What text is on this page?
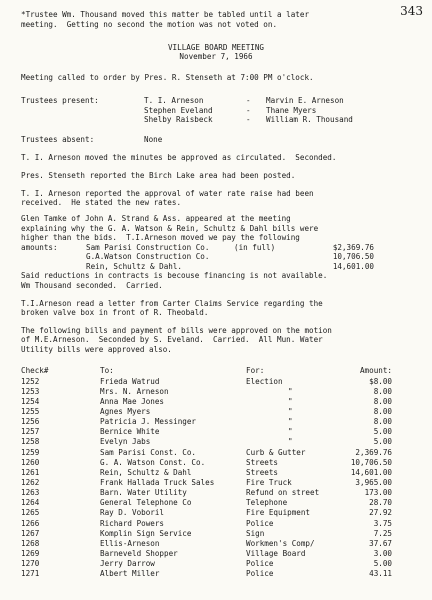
343
*Trustee Wm. Thousand moved this matter be tabled until a later
meeting.  Getting no second the motion was not voted on.
VILLAGE BOARD MEETING
November 7, 1966
Meeting called to order by Pres. R. Stenseth at 7:00 PM o'clock.
Trustees present:	T. I. Arneson	- Marvin E. Arneson
Stephen Eveland	- Thane Myers
Shelby Raisbeck	- William R. Thousand
Trustees absent:	None
T. I. Arneson moved the minutes be approved as circulated.  Seconded.
Pres. Stenseth reported the Birch Lake area had been posted.
T. I. Arneson reported the approval of water rate raise had been
received.  He stated the new rates.
Glen Tamke of John A. Strand & Ass. appeared at the meeting
explaining why the G. A. Watson & Rein, Schultz & Dahl bills were
higher than the bids.  T.I.Arneson moved we pay the following
amounts:	Sam Parisi Construction Co.	(in full)	$2,369.76
G.A.Watson Construction Co.	10,706.50
Rein, Schultz & Dahl.	14,601.00
Said reductions in contracts is becouse financing is not available.
Wm Thousand seconded.  Carried.
T.I.Arneson read a letter from Carter Claims Service regarding the
broken valve box in front of R. Theobald.
The following bills and payment of bills were approved on the motion
of M.E.Arneson.  Seconded by S. Eveland.  Carried.  All Mun. Water
Utility bills were approved also.
Check#	To:	For:	Amount:
1252	Frieda Watrud	Election	$8.00
1253	Mrs. N. Arneson	"	8.00
1254	Anna Mae Jones	"	8.00
1255	Agnes Myers	"	8.00
1256	Patricia J. Messinger	"	8.00
1257	Bernice White	"	5.00
1258	Evelyn Jabs	"	5.00
1259	Sam Parisi Const. Co.	Curb & Gutter	2,369.76
1260	G. A. Watson Const. Co.	Streets	10,706.50
1261	Rein, Schultz & Dahl	Streets	14,601.00
1262	Frank Hallada Truck Sales	Fire Truck	3,965.00
1263	Barn. Water Utility	Refund on street	173.00
1264	General Telephone Co	Telephone	28.70
1265	Ray D. Voboril	Fire Equipment	27.92
1266	Richard Powers	Police	3.75
1267	Komplin Sign Service	Sign	7.25
1268	Ellis-Arneson	Workmen's Comp/	37.67
1269	Barneveld Shopper	Village Board	3.00
1270	Jerry Darrow	Police	5.00
1271	Albert Miller	Police	43.11
